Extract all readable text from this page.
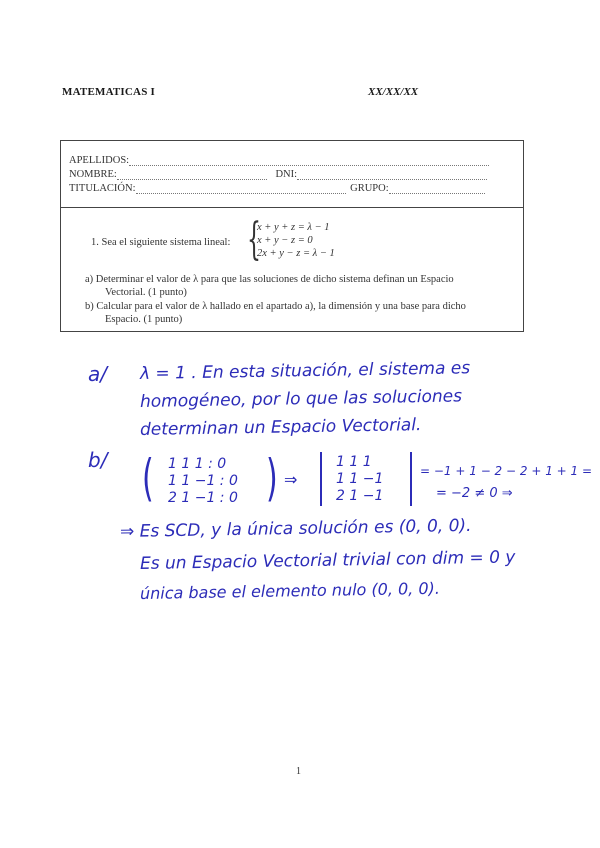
MATEMATICAS I	XX/XX/XX
APELLIDOS:
NOMBRE:	DNI:
TITULACIÓN:	GRUPO:
1. Sea el siguiente sistema lineal: {
x + y + z = λ − 1
x + y − z = 0
2x + y − z = λ − 1
a) Determinar el valor de λ para que las soluciones de dicho sistema definan un Espacio
Vectorial. (1 punto)
b) Calcular para el valor de λ hallado en el apartado a), la dimensión y una base para dicho
Espacio. (1 punto)
a/ λ = 1 . En esta situación, el sistema es
homogéneo, por lo que las soluciones
determinan un Espacio Vectorial.
b/ ( 1 1 1 : 0
1 1 −1 : 0
2 1 −1 : 0 ) ⇒
1 1 1
1 1 −1
2 1 −1
= −1 + 1 − 2 − 2 + 1 + 1 =
= −2 ≠ 0 ⇒
⇒ Es SCD, y la única solución es (0, 0, 0).
Es un Espacio Vectorial trivial con dim = 0 y
única base el elemento nulo (0, 0, 0).
1
